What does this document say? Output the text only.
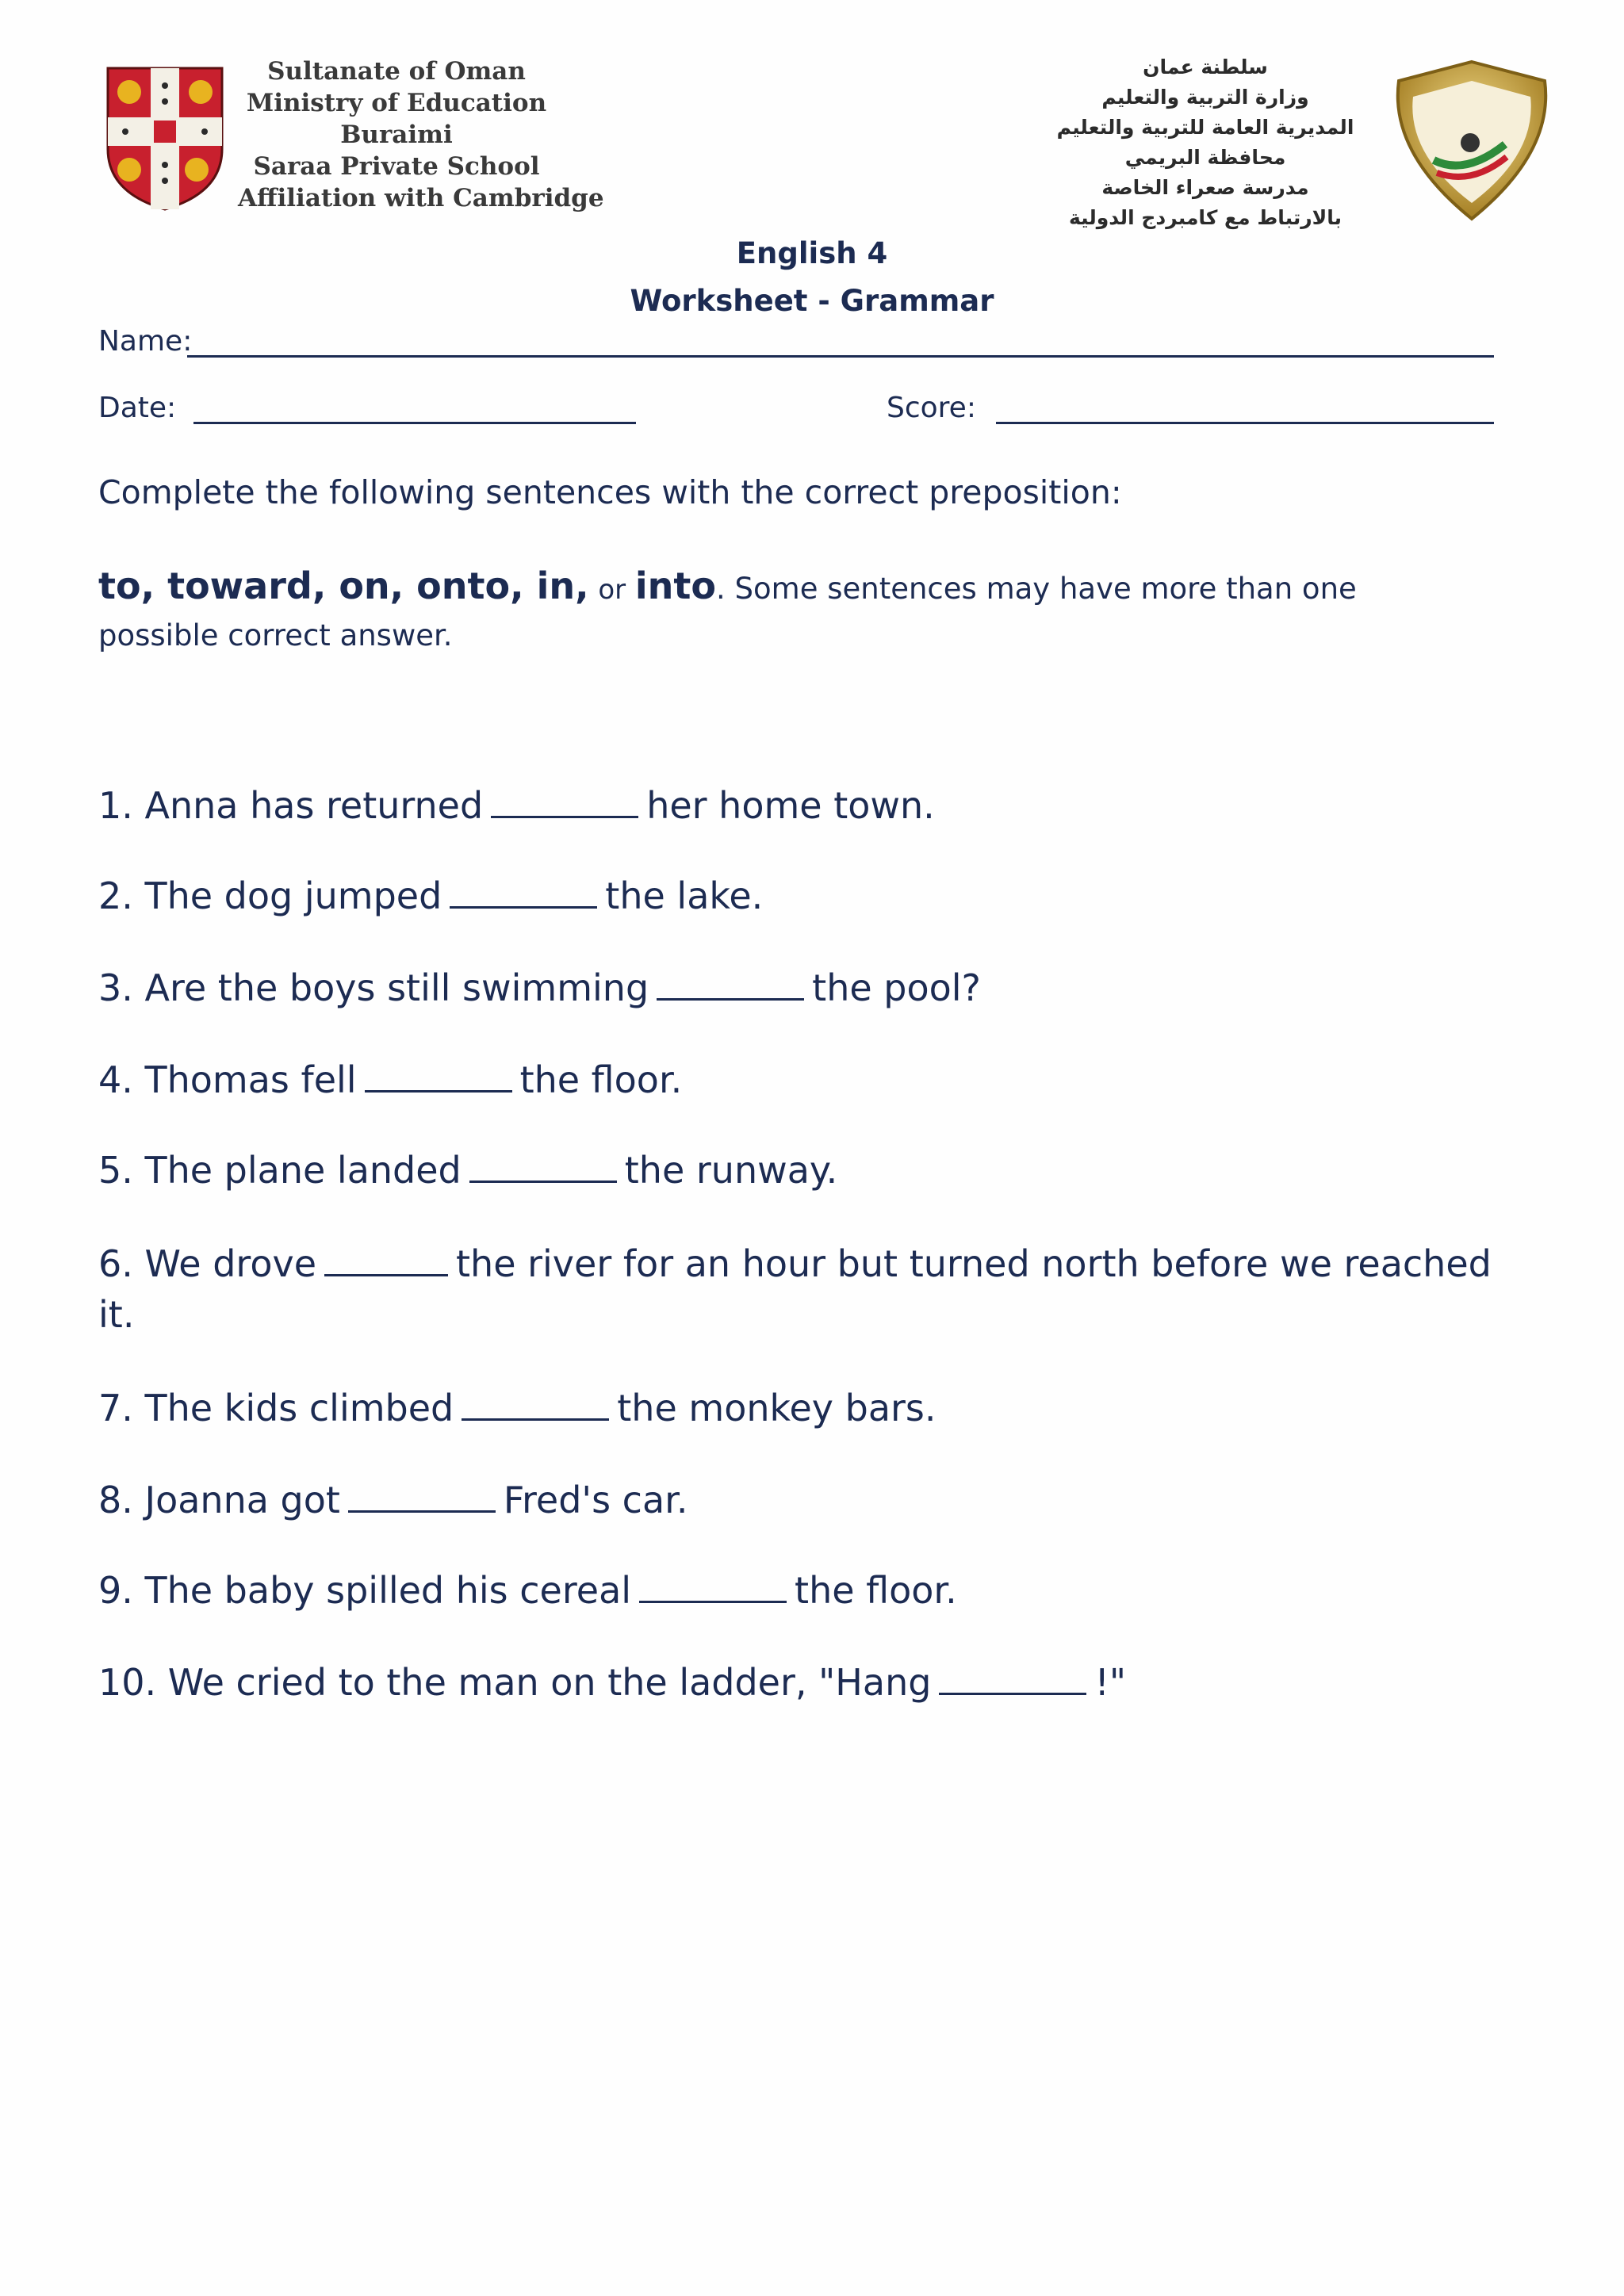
Sultanate of Oman
Ministry of Education
Buraimi
Saraa Private School
Affiliation with Cambridge
سلطنة عمان
وزارة التربية والتعليم
المديرية العامة للتربية والتعليم
محافظة البريمي
مدرسة صعراء الخاصة
بالارتباط مع كامبردج الدولية
English 4
Worksheet - Grammar
Name:
Date:	Score:
Complete the following sentences with the correct preposition:
to, toward, on, onto, in, or into. Some sentences may have more than one possible correct answer.
1. Anna has returned	her home town.
2. The dog jumped	the lake.
3. Are the boys still swimming	the pool?
4. Thomas fell	the floor.
5. The plane landed	the runway.
6. We drove	the river for an hour but turned north before we reached it.
7. The kids climbed	the monkey bars.
8. Joanna got	Fred's car.
9. The baby spilled his cereal	the floor.
10. We cried to the man on the ladder, "Hang	!"
